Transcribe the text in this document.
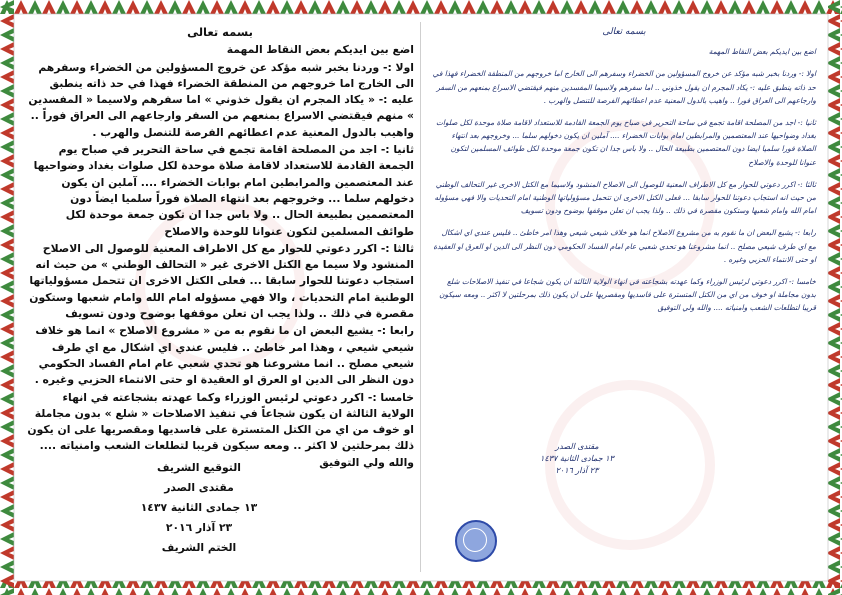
بسمه تعالى

اضع بين ايديكم بعض النقاط المهمة

اولا :- وردنا بخبر شبه مؤكد عن خروج المسؤولين من الخضراء وسفرهم الى الخارج اما خروجهم من المنطقة الخضراء فهذا في حد ذاته ينطبق عليه :- « يكاد المجرم ان يقول خذوني » اما سفرهم ولاسيما « المفسدين » منهم فيقتضي الاسراع بمنعهم من السفر وارجاعهم الى العراق فوراً .. واهيب بالدول المعنية عدم اعطائهم الفرصة للتنصل والهرب .

ثانيا :- اجد من المصلحة اقامة تجمع في ساحة التحرير في صباح يوم الجمعة القادمة للاستعداد لاقامة صلاة موحدة لكل صلوات بغداد وضواحيها عند المعتصمين والمرابطين امام بوابات الخضراء .... آملين ان يكون دخولهم سلما ... وخروجهم بعد انتهاء الصلاة فوراً سلميا ايضاً دون المعتصمين بطبيعة الحال .. ولا باس جدا ان تكون جمعة موحدة لكل طوائف المسلمين لتكون عنوانا للوحدة والاصلاح

ثالثا :- اكرر دعوتي للحوار مع كل الاطراف المعنية للوصول الى الاصلاح المنشود ولا سيما مع الكتل الاخرى غير « التحالف الوطني » من حيث انه استجاب دعوتنا للحوار سابقا ... فعلى الكتل الاخرى ان تتحمل مسؤولياتها الوطنية امام التحديات ، والا فهي مسؤوله امام الله وامام شعبها وستكون مقصرة في ذلك .. ولذا يجب ان تعلن موقفها بوضوح ودون تسويف

رابعا :- يشيع البعض ان ما نقوم به من « مشروع الاصلاح » انما هو خلاف شيعي شيعي ، وهذا امر خاطئ .. فليس عندي اي اشكال مع اي طرف شيعي مصلح .. انما مشروعنا هو تحدي شعبي عام امام الفساد الحكومي دون النظر الى الدين او العرق او العقيدة او حتى الانتماء الحزبي وغيره .

خامسا :- اكرر دعوتي لرئيس الوزراء وكما عهدته بشجاعته في انهاء الولاية الثالثة ان يكون شجاعاً في تنفيذ الاصلاحات « شلع » بدون مجاملة او خوف من اي من الكتل المتسترة على فاسديها ومقصريها على ان يكون ذلك بمرحلتين لا اكثر .. ومعه سيكون قريبا لتطلعات الشعب وامنياته .... والله ولي التوفيق

التوقيع الشريف
مقتدى الصدر
١٣ جمادى الثانية ١٤٣٧
٢٣ آذار ٢٠١٦
الختم الشريف
بسمه تعالى

اضع بين ايديكم بعض النقاط المهمة

اولا :- وردنا بخبر شبه مؤكد عن خروج المسؤولين من الخضراء وسفرهم الى الخارج اما خروجهم من المنطقة الخضراء فهذا في حد ذاته ينطبق عليه :- يكاد المجرم ان يقول خذوني .. اما سفرهم ولاسيما المفسدين منهم فيقتضي الاسراع بمنعهم من السفر وارجاعهم الى العراق فورا .. واهيب بالدول المعنية عدم اعطائهم الفرصة للتنصل والهرب .

ثانيا :- اجد من المصلحة اقامة تجمع في ساحة التحرير في صباح يوم الجمعة القادمة للاستعداد لاقامة صلاة موحدة لكل صلوات بغداد وضواحيها عند المعتصمين والمرابطين امام بوابات الخضراء .... آملين ان يكون دخولهم سلما ... وخروجهم بعد انتهاء الصلاة فورا سلميا ايضا دون المعتصمين بطبيعة الحال .. ولا باس جدا ان تكون جمعة موحدة لكل طوائف المسلمين لتكون عنوانا للوحدة والاصلاح

ثالثا :- اكرر دعوتي للحوار مع كل الاطراف المعنية للوصول الى الاصلاح المنشود ولاسيما مع الكتل الاخرى غير التحالف الوطني من حيث انه استجاب دعوتنا للحوار سابقا ... فعلى الكتل الاخرى ان تتحمل مسؤولياتها الوطنية امام التحديات والا فهي مسؤوله امام الله وامام شعبها وستكون مقصرة في ذلك .. ولذا يجب ان تعلن موقفها بوضوح ودون تسويف

رابعا :- يشيع البعض ان ما نقوم به من مشروع الاصلاح انما هو خلاف شيعي شيعي وهذا امر خاطئ .. فليس عندي اي اشكال مع اي طرف شيعي مصلح .. انما مشروعنا هو تحدي شعبي عام امام الفساد الحكومي دون النظر الى الدين او العرق او العقيدة او حتى الانتماء الحزبي وغيره .

خامسا :- اكرر دعوتي لرئيس الوزراء وكما عهدته بشجاعته في انهاء الولاية الثالثة ان يكون شجاعا في تنفيذ الاصلاحات شلع بدون مجاملة او خوف من اي من الكتل المتسترة على فاسديها ومقصريها على ان يكون ذلك بمرحلتين لا اكثر .. ومعه سيكون قريبا لتطلعات الشعب وامنياته .... والله ولي التوفيق

مقتدى الصدر
١٣ جمادى الثانية ١٤٣٧
٢٣ آذار ٢٠١٦
